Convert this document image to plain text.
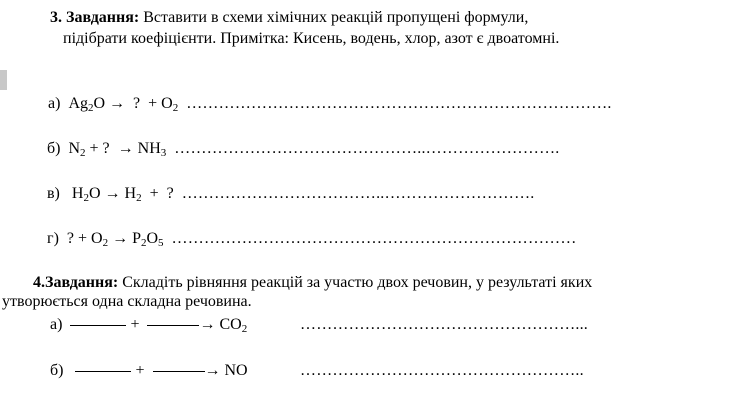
3. Завдання: Вставити в схеми хімічних реакцій пропущені формули,
підібрати коефіцієнти. Примітка: Кисень, водень, хлор, азот є двоатомні.
а)  $Ag_2O$ →  ?  + $O_2$ …………………………………………………………………….
б)  $N_2$ + ?  → $NH_3$ ………………………………………..…………………….
в)   $H_2O \to H_2$  +  ?  ………………………………..……………………….
г)  ? + $O_2 \to P_2O_5$ …………………………………………………………………
4.Завдання: Складіть рівняння реакцій за участю двох речовин, у результаті яких
утворюється одна складна речовина.
а)	+	→ $CO_2$	……………………………………………...
б)	+	→ NO	……………………………………………..
